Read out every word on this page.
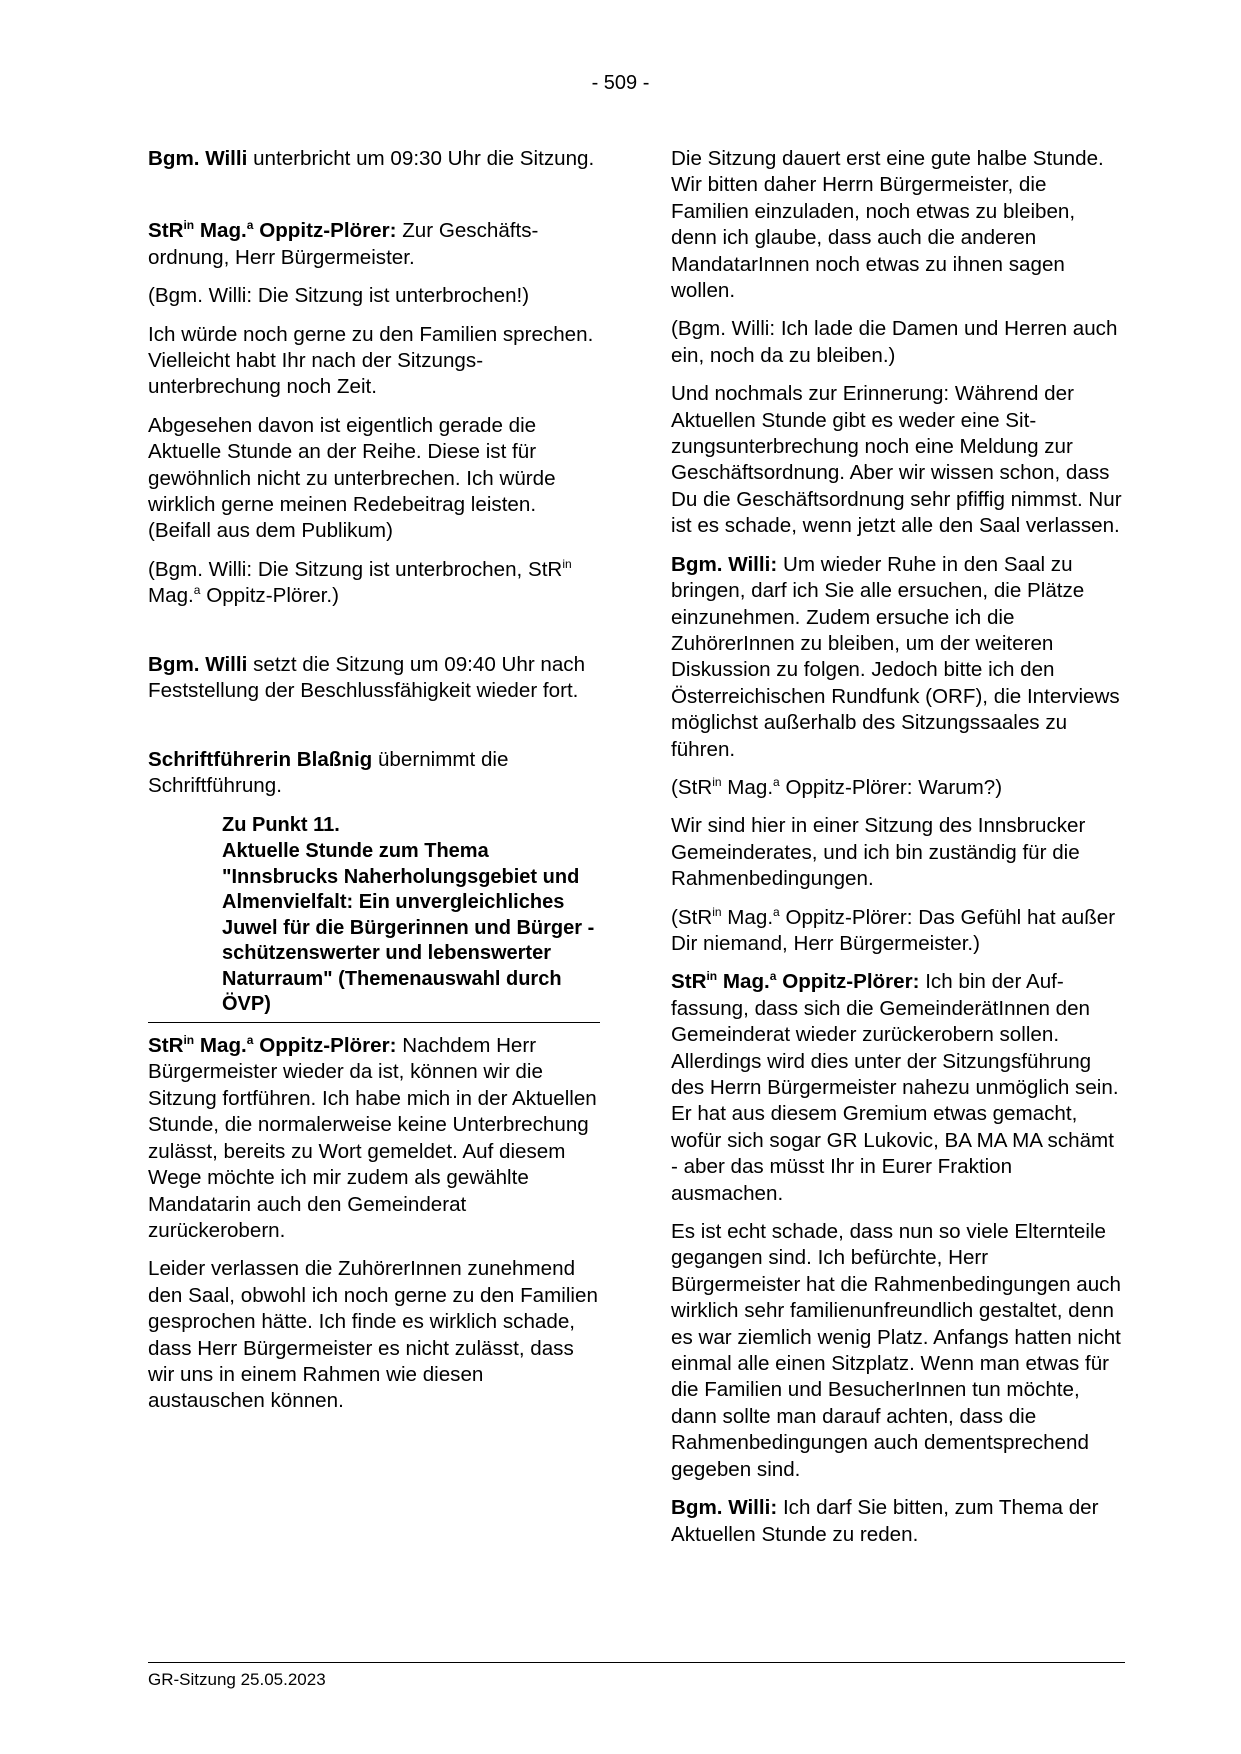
- 509 -

Bgm. Willi unterbricht um 09:30 Uhr die Sitzung.

StR$^{in}$ Mag.$^a$ Oppitz-Plörer: Zur Geschäftsordnung, Herr Bürgermeister.

(Bgm. Willi: Die Sitzung ist unterbrochen!)

Ich würde noch gerne zu den Familien sprechen. Vielleicht habt Ihr nach der Sitzungsunterbrechung noch Zeit.

Abgesehen davon ist eigentlich gerade die Aktuelle Stunde an der Reihe. Diese ist für gewöhnlich nicht zu unterbrechen. Ich würde wirklich gerne meinen Redebeitrag leisten. (Beifall aus dem Publikum)

(Bgm. Willi: Die Sitzung ist unterbrochen, StR$^{in}$ Mag.$^a$ Oppitz-Plörer.)

Bgm. Willi setzt die Sitzung um 09:40 Uhr nach Feststellung der Beschlussfähigkeit wieder fort.

Schriftführerin Blaßnig übernimmt die Schriftführung.

Zu Punkt 11.
Aktuelle Stunde zum Thema "Innsbrucks Naherholungsgebiet und Almenvielfalt: Ein unvergleichliches Juwel für die Bürgerinnen und Bürger - schützenswerter und lebenswerter Naturraum" (Themenauswahl durch ÖVP)

StR$^{in}$ Mag.$^a$ Oppitz-Plörer: Nachdem Herr Bürgermeister wieder da ist, können wir die Sitzung fortführen. Ich habe mich in der Aktuellen Stunde, die normalerweise keine Unterbrechung zulässt, bereits zu Wort gemeldet. Auf diesem Wege möchte ich mir zudem als gewählte Mandatarin auch den Gemeinderat zurückerobern.

Leider verlassen die ZuhörerInnen zunehmend den Saal, obwohl ich noch gerne zu den Familien gesprochen hätte. Ich finde es wirklich schade, dass Herr Bürgermeister es nicht zulässt, dass wir uns in einem Rahmen wie diesen austauschen können.

Die Sitzung dauert erst eine gute halbe Stunde. Wir bitten daher Herrn Bürgermeister, die Familien einzuladen, noch etwas zu bleiben, denn ich glaube, dass auch die anderen MandatarInnen noch etwas zu ihnen sagen wollen.

(Bgm. Willi: Ich lade die Damen und Herren auch ein, noch da zu bleiben.)

Und nochmals zur Erinnerung: Während der Aktuellen Stunde gibt es weder eine Sitzungsunterbrechung noch eine Meldung zur Geschäftsordnung. Aber wir wissen schon, dass Du die Geschäftsordnung sehr pfiffig nimmst. Nur ist es schade, wenn jetzt alle den Saal verlassen.

Bgm. Willi: Um wieder Ruhe in den Saal zu bringen, darf ich Sie alle ersuchen, die Plätze einzunehmen. Zudem ersuche ich die ZuhörerInnen zu bleiben, um der weiteren Diskussion zu folgen. Jedoch bitte ich den Österreichischen Rundfunk (ORF), die Interviews möglichst außerhalb des Sitzungssaales zu führen.

(StR$^{in}$ Mag.$^a$ Oppitz-Plörer: Warum?)

Wir sind hier in einer Sitzung des Innsbrucker Gemeinderates, und ich bin zuständig für die Rahmenbedingungen.

(StR$^{in}$ Mag.$^a$ Oppitz-Plörer: Das Gefühl hat außer Dir niemand, Herr Bürgermeister.)

StR$^{in}$ Mag.$^a$ Oppitz-Plörer: Ich bin der Auffassung, dass sich die GemeinderätInnen den Gemeinderat wieder zurückerobern sollen. Allerdings wird dies unter der Sitzungsführung des Herrn Bürgermeister nahezu unmöglich sein. Er hat aus diesem Gremium etwas gemacht, wofür sich sogar GR Lukovic, BA MA MA schämt - aber das müsst Ihr in Eurer Fraktion ausmachen.

Es ist echt schade, dass nun so viele Elternteile gegangen sind. Ich befürchte, Herr Bürgermeister hat die Rahmenbedingungen auch wirklich sehr familienunfreundlich gestaltet, denn es war ziemlich wenig Platz. Anfangs hatten nicht einmal alle einen Sitzplatz. Wenn man etwas für die Familien und BesucherInnen tun möchte, dann sollte man darauf achten, dass die Rahmenbedingungen auch dementsprechend gegeben sind.

Bgm. Willi: Ich darf Sie bitten, zum Thema der Aktuellen Stunde zu reden.

GR-Sitzung 25.05.2023
